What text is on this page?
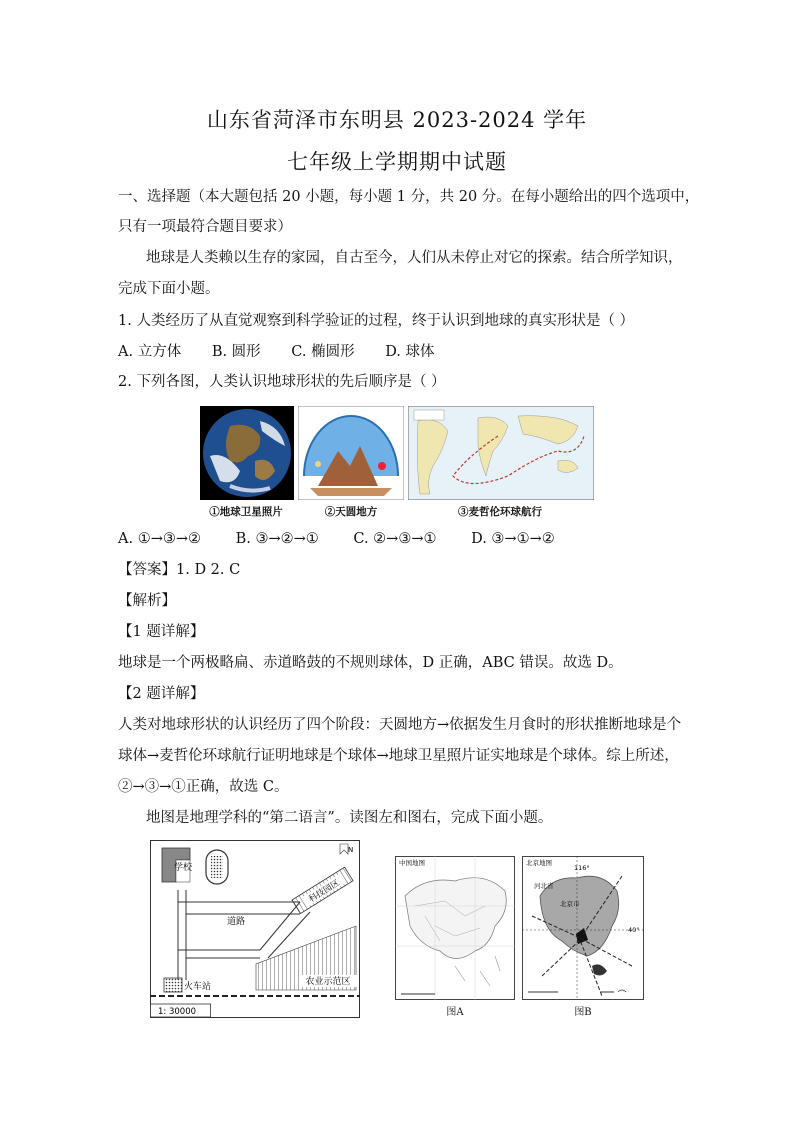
山东省菏泽市东明县 2023-2024 学年
七年级上学期期中试题
一、选择题（本大题包括 20 小题，每小题 1 分，共 20 分。在每小题给出的四个选项中，
只有一项最符合题目要求）
地球是人类赖以生存的家园，自古至今，人们从未停止对它的探索。结合所学知识，
完成下面小题。
1. 人类经历了从直觉观察到科学验证的过程，终于认识到地球的真实形状是（ ）
A. 立方体 B. 圆形 C. 椭圆形 D. 球体
2. 下列各图，人类认识地球形状的先后顺序是（ ）
①地球卫星照片	②天圆地方	③麦哲伦环球航行
A. ①→③→② B. ③→②→① C. ②→③→① D. ③→①→②
【答案】1. D 2. C
【解析】
【1 题详解】
地球是一个两极略扁、赤道略鼓的不规则球体，D 正确，ABC 错误。故选 D。
【2 题详解】
人类对地球形状的认识经历了四个阶段：天圆地方→依据发生月食时的形状推断地球是个
球体→麦哲伦环球航行证明地球是个球体→地球卫星照片证实地球是个球体。综上所述，
②→③→①正确，故选 C。
地图是地理学科的“第二语言”。读图左和图右，完成下面小题。
学校
N
道路
科技园区
农业示范区
火车站
1: 30000
中国地图
图A
北京地图
河北省
北京市
116°
40°
图B
